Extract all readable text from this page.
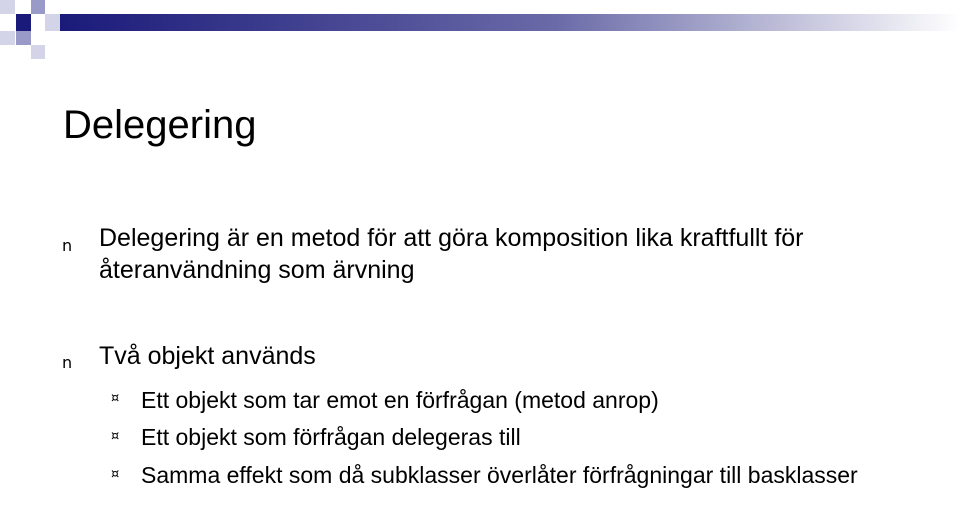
Delegering
n Delegering är en metod för att göra komposition lika kraftfullt för återanvändning som ärvning
n Två objekt används
¤ Ett objekt som tar emot en förfrågan (metod anrop)
¤ Ett objekt som förfrågan delegeras till
¤ Samma effekt som då subklasser överlåter förfrågningar till basklasser
